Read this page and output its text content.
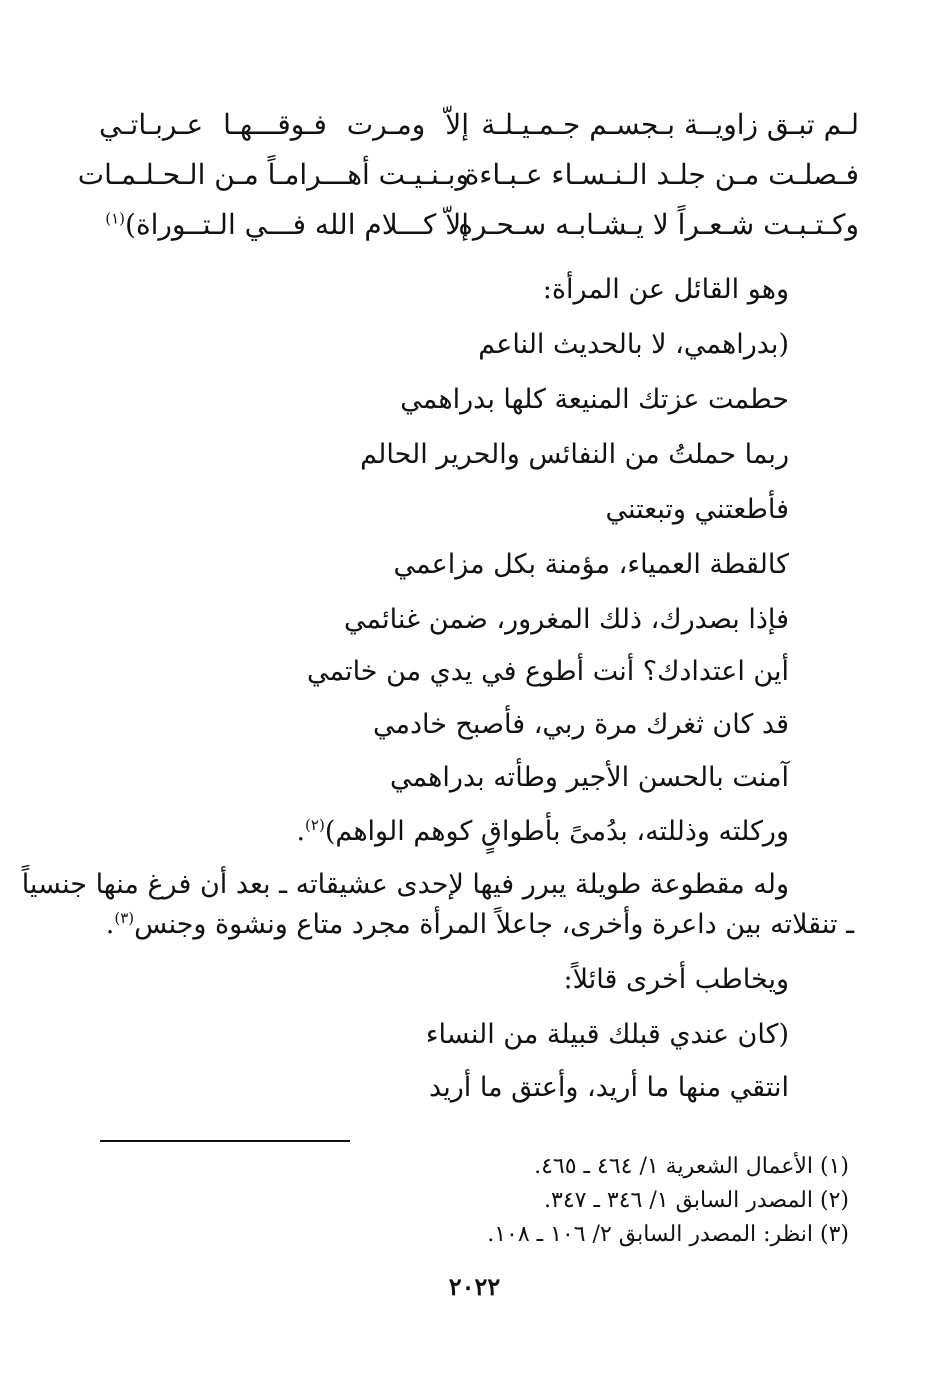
لـم تبـق زاويــة بـجسـم جـمـيـلـة
إلاّ ومـرت فـوقـــهـا عـربـاتـي
فـصلـت مـن جلـد الـنـسـاء عـبـاءة
وبـنـيـت أهـــرامـاً مـن الـحـلـمـات
وكـتـبـت شـعـراً لا يـشـابـه سـحـره
إلاّ كـــلام الله فـــي الـتــوراة)$^{(١)}$
وهو القائل عن المرأة:
(بدراهمي، لا بالحديث الناعم
حطمت عزتك المنيعة كلها بدراهمي
ربما حملتُ من النفائس والحرير الحالم
فأطعتني وتبعتني
كالقطة العمياء، مؤمنة بكل مزاعمي
فإذا بصدرك، ذلك المغرور، ضمن غنائمي
أين اعتدادك؟ أنت أطوع في يدي من خاتمي
قد كان ثغرك مرة ربي، فأصبح خادمي
آمنت بالحسن الأجير وطأته بدراهمي
وركلته وذللته، بدُمىً بأطواقٍ كوهم الواهم)$^{(٢)}$.
وله مقطوعة طويلة يبرر فيها لإحدى عشيقاته ـ بعد أن فرغ منها جنسياً
ـ تنقلاته بين داعرة وأخرى، جاعلاً المرأة مجرد متاع ونشوة وجنس$^{(٣)}$.
ويخاطب أخرى قائلاً:
(كان عندي قبلك قبيلة من النساء
انتقي منها ما أريد، وأعتق ما أريد
(١) الأعمال الشعرية ١/ ٤٦٤ ـ ٤٦٥.
(٢) المصدر السابق ١/ ٣٤٦ ـ ٣٤٧.
(٣) انظر: المصدر السابق ٢/ ١٠٦ ـ ١٠٨.
٢٠٢٢
